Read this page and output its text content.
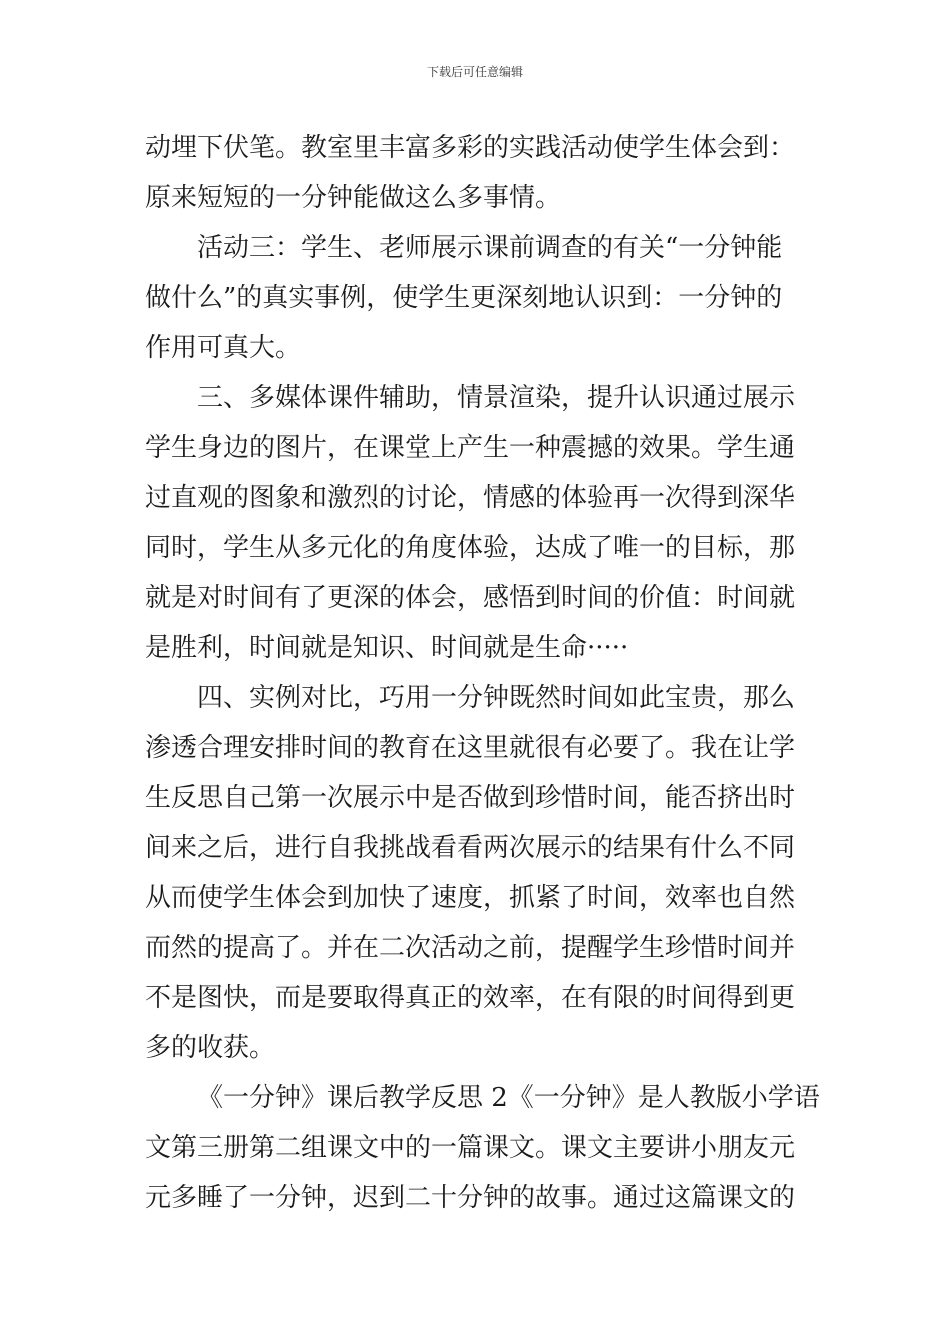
下载后可任意编辑
动埋下伏笔。教室里丰富多彩的实践活动使学生体会到：
原来短短的一分钟能做这么多事情。
活动三：学生、老师展示课前调查的有关“一分钟能
做什么”的真实事例，使学生更深刻地认识到：一分钟的
作用可真大。
三、多媒体课件辅助，情景渲染，提升认识通过展示
学生身边的图片，在课堂上产生一种震撼的效果。学生通
过直观的图象和激烈的讨论，情感的体验再一次得到深华
同时，学生从多元化的角度体验，达成了唯一的目标，那
就是对时间有了更深的体会，感悟到时间的价值：时间就
是胜利，时间就是知识、时间就是生命·····
四、实例对比，巧用一分钟既然时间如此宝贵，那么
渗透合理安排时间的教育在这里就很有必要了。我在让学
生反思自己第一次展示中是否做到珍惜时间，能否挤出时
间来之后，进行自我挑战看看两次展示的结果有什么不同
从而使学生体会到加快了速度，抓紧了时间，效率也自然
而然的提高了。并在二次活动之前，提醒学生珍惜时间并
不是图快，而是要取得真正的效率，在有限的时间得到更
多的收获。
《一分钟》课后教学反思 2《一分钟》是人教版小学语
文第三册第二组课文中的一篇课文。课文主要讲小朋友元
元多睡了一分钟，迟到二十分钟的故事。通过这篇课文的
